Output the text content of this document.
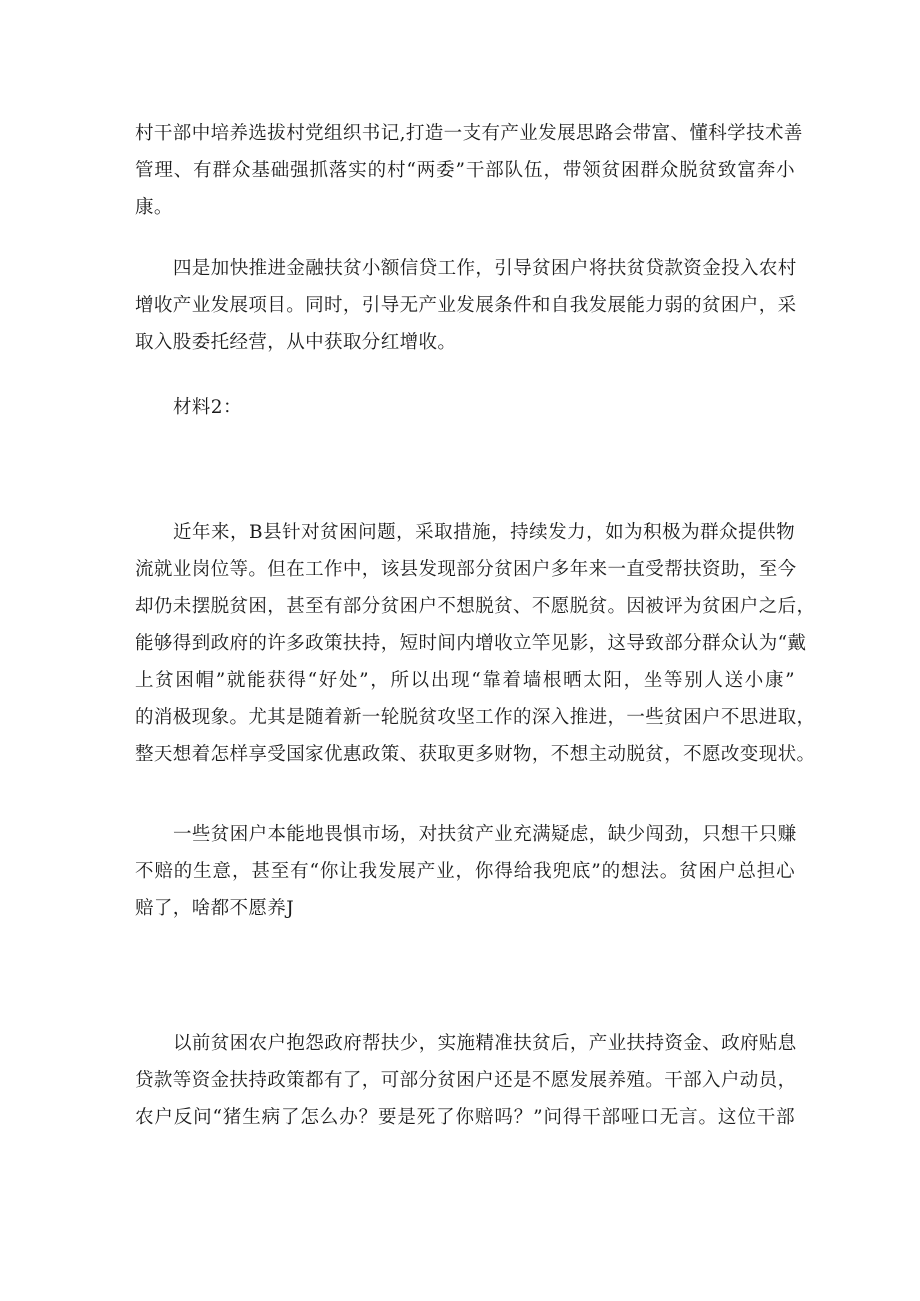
村干部中培养选拔村党组织书记,打造一支有产业发展思路会带富、懂科学技术善
管理、有群众基础强抓落实的村“两委”干部队伍，带领贫困群众脱贫致富奔小
康。
四是加快推进金融扶贫小额信贷工作，引导贫困户将扶贫贷款资金投入农村
增收产业发展项目。同时，引导无产业发展条件和自我发展能力弱的贫困户，采
取入股委托经营，从中获取分红增收。
材料2：
近年来，B县针对贫困问题，采取措施，持续发力，如为积极为群众提供物
流就业岗位等。但在工作中，该县发现部分贫困户多年来一直受帮扶资助，至今
却仍未摆脱贫困，甚至有部分贫困户不想脱贫、不愿脱贫。因被评为贫困户之后，
能够得到政府的许多政策扶持，短时间内增收立竿见影，这导致部分群众认为“戴
上贫困帽”就能获得“好处”，所以出现“靠着墙根晒太阳，坐等别人送小康”
的消极现象。尤其是随着新一轮脱贫攻坚工作的深入推进，一些贫困户不思进取，
整天想着怎样享受国家优惠政策、获取更多财物，不想主动脱贫，不愿改变现状。
一些贫困户本能地畏惧市场，对扶贫产业充满疑虑，缺少闯劲，只想干只赚
不赔的生意，甚至有“你让我发展产业，你得给我兜底”的想法。贫困户总担心
赔了，啥都不愿养J
以前贫困农户抱怨政府帮扶少，实施精准扶贫后，产业扶持资金、政府贴息
贷款等资金扶持政策都有了，可部分贫困户还是不愿发展养殖。干部入户动员，
农户反问“猪生病了怎么办？要是死了你赔吗？”问得干部哑口无言。这位干部
